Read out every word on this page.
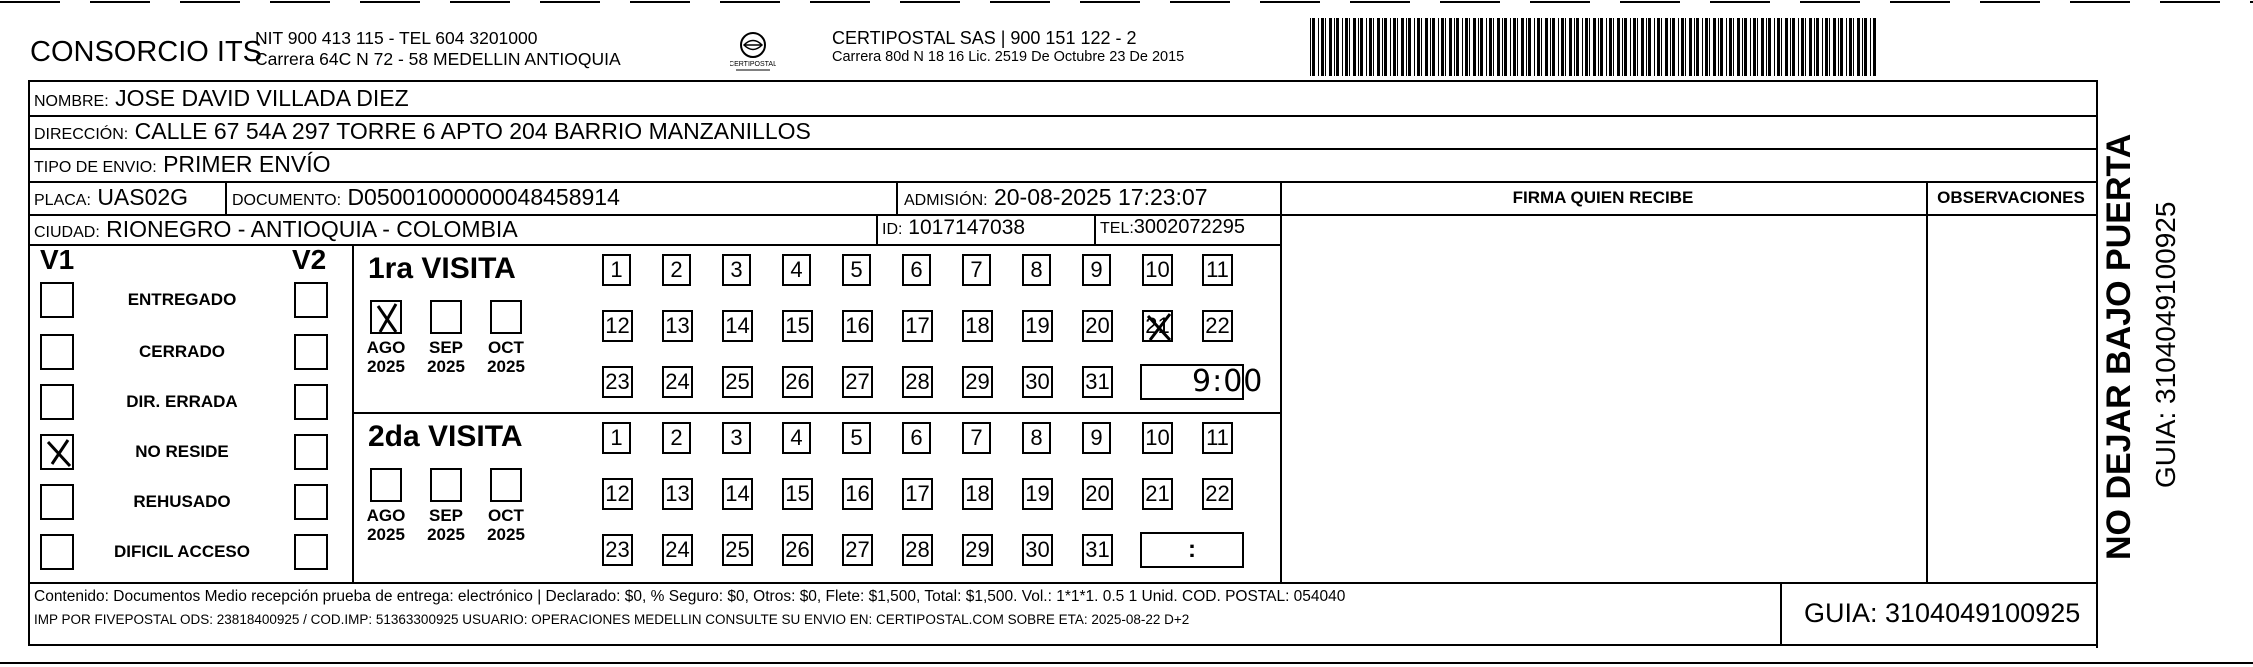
CONSORCIO ITS
NIT 900 413 115 - TEL 604 3201000
Carrera 64C N 72 - 58 MEDELLIN ANTIOQUIA	CERTIPOSTAL
CERTIPOSTAL SAS | 900 151 122 - 2
Carrera 80d N 18 16 Lic. 2519 De Octubre 23 De 2015
NOMBRE: JOSE DAVID VILLADA DIEZ
DIRECCIÓN: CALLE 67 54A 297 TORRE 6 APTO 204 BARRIO MANZANILLOS
TIPO DE ENVIO: PRIMER ENVÍO
PLACA: UAS02G	DOCUMENTO: D05001000000048458914	ADMISIÓN: 20-08-2025 17:23:07
CIUDAD: RIONEGRO - ANTIOQUIA - COLOMBIA	ID: 1017147038	TEL:3002072295
FIRMA QUIEN RECIBE	OBSERVACIONES
V1	V2
ENTREGADO
CERRADO
DIR. ERRADA
NO RESIDE
REHUSADO
DIFICIL ACCESO
1ra VISITA
AGO
2025
SEP
2025
OCT
2025
1	2	3	4	5	6	7	8	9	10 11
12 13 14 15 16 17 18 19 20 21 22
23 24 25 26 27 28 29 30 31	9:00
2da VISITA
AGO
2025
SEP
2025
OCT
2025
1	2	3	4	5	6	7	8	9	10 11
12 13 14 15 16 17 18 19 20 21 22
23 24 25 26 27 28 29 30 31	:
Contenido: Documentos Medio recepción prueba de entrega: electrónico | Declarado: $0, % Seguro: $0, Otros: $0, Flete: $1,500, Total: $1,500. Vol.: 1*1*1. 0.5 1 Unid. COD. POSTAL: 054040
IMP POR FIVEPOSTAL ODS: 23818400925 / COD.IMP: 51363300925 USUARIO: OPERACIONES MEDELLIN CONSULTE SU ENVIO EN: CERTIPOSTAL.COM SOBRE ETA: 2025-08-22 D+2	GUIA: 3104049100925
NO DEJAR BAJO PUERTA GUIA: 3104049100925
